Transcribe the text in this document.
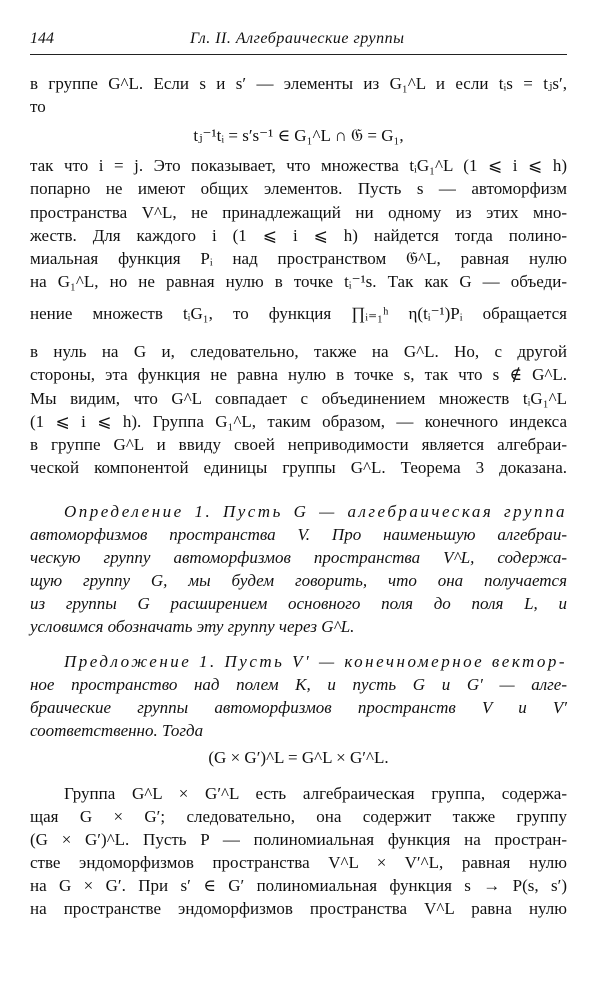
144	Гл. II. Алгебраические группы
в группе G^L. Если s и s′ — элементы из G₁^L и если tᵢs = tⱼs′,
то
tⱼ⁻¹tᵢ = s′s⁻¹ ∈ G₁^L ∩ 𝔊 = G₁,
так что i = j. Это показывает, что множества tᵢG₁^L (1 ⩽ i ⩽ h)
попарно не имеют общих элементов. Пусть s — автоморфизм
пространства V^L, не принадлежащий ни одному из этих мно-
жеств. Для каждого i (1 ⩽ i ⩽ h) найдется тогда полино-
миальная функция Pᵢ над пространством 𝔊^L, равная нулю
на G₁^L, но не равная нулю в точке tᵢ⁻¹s. Так как G — объеди-
нение множеств tᵢG₁, то функция ∏ᵢ₌₁ʰ η(tᵢ⁻¹)Pᵢ обращается
в нуль на G и, следовательно, также на G^L. Но, с другой
стороны, эта функция не равна нулю в точке s, так что s ∉ G^L.
Мы видим, что G^L совпадает с объединением множеств tᵢG₁^L
(1 ⩽ i ⩽ h). Группа G₁^L, таким образом, — конечного индекса
в группе G^L и ввиду своей неприводимости является алгебраи-
ческой компонентой единицы группы G^L. Теорема 3 доказана.
Определение 1. Пусть G — алгебраическая группа
автоморфизмов пространства V. Про наименьшую алгебраи-
ческую группу автоморфизмов пространства V^L, содержа-
щую группу G, мы будем говорить, что она получается
из группы G расширением основного поля до поля L, и
условимся обозначать эту группу через G^L.
Предложение 1. Пусть V′ — конечномерное вектор-
ное пространство над полем K, и пусть G и G′ — алге-
браические группы автоморфизмов пространств V и V′
соответственно. Тогда
(G × G′)^L = G^L × G′^L.
Группа G^L × G′^L есть алгебраическая группа, содержа-
щая G × G′; следовательно, она содержит также группу
(G × G′)^L. Пусть P — полиномиальная функция на простран-
стве эндоморфизмов пространства V^L × V′^L, равная нулю
на G × G′. При s′ ∈ G′ полиномиальная функция s → P(s, s′)
на пространстве эндоморфизмов пространства V^L равна нулю
